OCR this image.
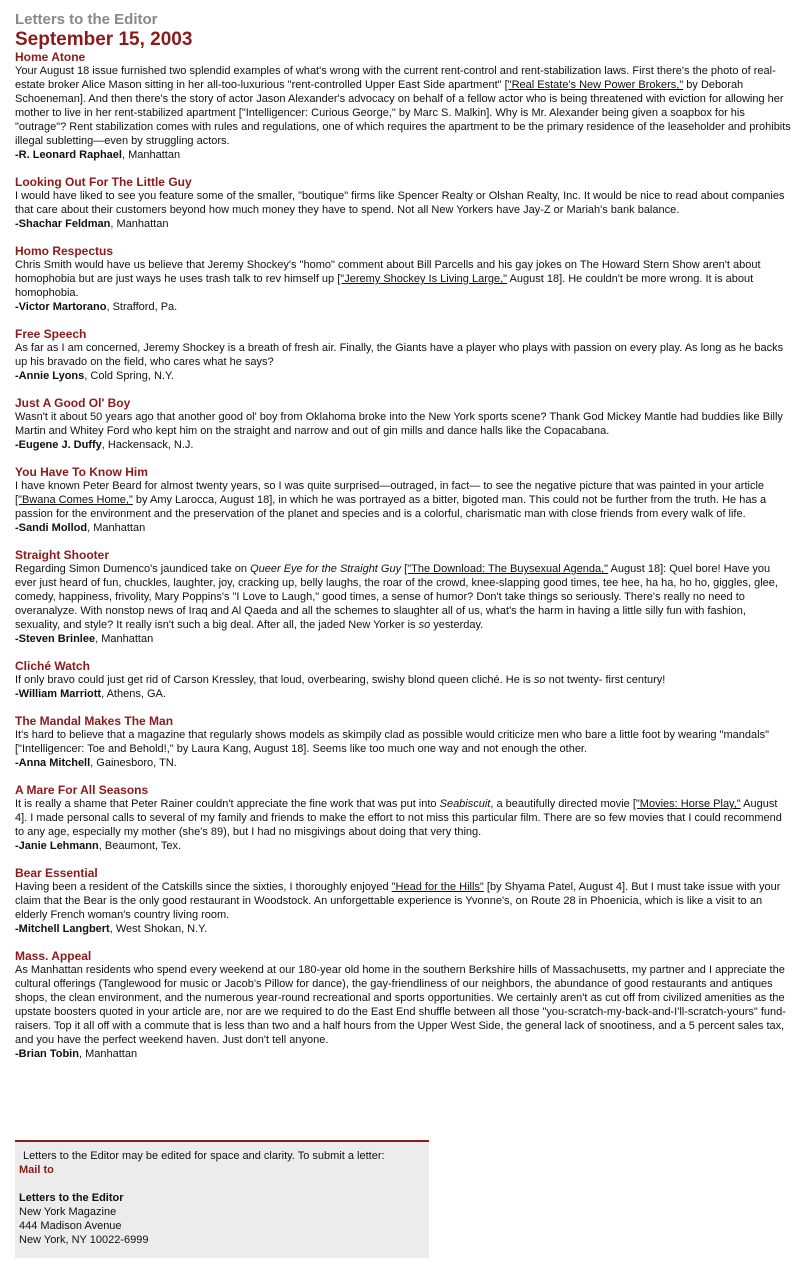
Letters to the Editor
September 15, 2003
Home Atone
Your August 18 issue furnished two splendid examples of what's wrong with the current rent-control and rent-stabilization laws. First there's the photo of real-estate broker Alice Mason sitting in her all-too-luxurious "rent-controlled Upper East Side apartment" ["Real Estate's New Power Brokers," by Deborah Schoeneman]. And then there's the story of actor Jason Alexander's advocacy on behalf of a fellow actor who is being threatened with eviction for allowing her mother to live in her rent-stabilized apartment ["Intelligencer: Curious George," by Marc S. Malkin]. Why is Mr. Alexander being given a soapbox for his "outrage"? Rent stabilization comes with rules and regulations, one of which requires the apartment to be the primary residence of the leaseholder and prohibits illegal subletting—even by struggling actors.
-R. Leonard Raphael, Manhattan
Looking Out For The Little Guy
I would have liked to see you feature some of the smaller, "boutique" firms like Spencer Realty or Olshan Realty, Inc. It would be nice to read about companies that care about their customers beyond how much money they have to spend. Not all New Yorkers have Jay-Z or Mariah's bank balance.
-Shachar Feldman, Manhattan
Homo Respectus
Chris Smith would have us believe that Jeremy Shockey's "homo" comment about Bill Parcells and his gay jokes on The Howard Stern Show aren't about homophobia but are just ways he uses trash talk to rev himself up ["Jeremy Shockey Is Living Large," August 18]. He couldn't be more wrong. It is about homophobia.
-Victor Martorano, Strafford, Pa.
Free Speech
As far as I am concerned, Jeremy Shockey is a breath of fresh air. Finally, the Giants have a player who plays with passion on every play. As long as he backs up his bravado on the field, who cares what he says?
-Annie Lyons, Cold Spring, N.Y.
Just A Good Ol' Boy
Wasn't it about 50 years ago that another good ol' boy from Oklahoma broke into the New York sports scene? Thank God Mickey Mantle had buddies like Billy Martin and Whitey Ford who kept him on the straight and narrow and out of gin mills and dance halls like the Copacabana.
-Eugene J. Duffy, Hackensack, N.J.
You Have To Know Him
I have known Peter Beard for almost twenty years, so I was quite surprised—outraged, in fact— to see the negative picture that was painted in your article ["Bwana Comes Home," by Amy Larocca, August 18], in which he was portrayed as a bitter, bigoted man. This could not be further from the truth. He has a passion for the environment and the preservation of the planet and species and is a colorful, charismatic man with close friends from every walk of life.
-Sandi Mollod, Manhattan
Straight Shooter
Regarding Simon Dumenco's jaundiced take on Queer Eye for the Straight Guy ["The Download: The Buysexual Agenda," August 18]: Quel bore! Have you ever just heard of fun, chuckles, laughter, joy, cracking up, belly laughs, the roar of the crowd, knee-slapping good times, tee hee, ha ha, ho ho, giggles, glee, comedy, happiness, frivolity, Mary Poppins's "I Love to Laugh," good times, a sense of humor? Don't take things so seriously. There's really no need to overanalyze. With nonstop news of Iraq and Al Qaeda and all the schemes to slaughter all of us, what's the harm in having a little silly fun with fashion, sexuality, and style? It really isn't such a big deal. After all, the jaded New Yorker is so yesterday.
-Steven Brinlee, Manhattan
Cliché Watch
If only bravo could just get rid of Carson Kressley, that loud, overbearing, swishy blond queen cliché. He is so not twenty- first century!
-William Marriott, Athens, GA.
The Mandal Makes The Man
It's hard to believe that a magazine that regularly shows models as skimpily clad as possible would criticize men who bare a little foot by wearing "mandals" ["Intelligencer: Toe and Behold!," by Laura Kang, August 18]. Seems like too much one way and not enough the other.
-Anna Mitchell, Gainesboro, TN.
A Mare For All Seasons
It is really a shame that Peter Rainer couldn't appreciate the fine work that was put into Seabiscuit, a beautifully directed movie ["Movies: Horse Play," August 4]. I made personal calls to several of my family and friends to make the effort to not miss this particular film. There are so few movies that I could recommend to any age, especially my mother (she's 89), but I had no misgivings about doing that very thing.
-Janie Lehmann, Beaumont, Tex.
Bear Essential
Having been a resident of the Catskills since the sixties, I thoroughly enjoyed "Head for the Hills" [by Shyama Patel, August 4]. But I must take issue with your claim that the Bear is the only good restaurant in Woodstock. An unforgettable experience is Yvonne's, on Route 28 in Phoenicia, which is like a visit to an elderly French woman's country living room.
-Mitchell Langbert, West Shokan, N.Y.
Mass. Appeal
As Manhattan residents who spend every weekend at our 180-year old home in the southern Berkshire hills of Massachusetts, my partner and I appreciate the cultural offerings (Tanglewood for music or Jacob's Pillow for dance), the gay-friendliness of our neighbors, the abundance of good restaurants and antiques shops, the clean environment, and the numerous year-round recreational and sports opportunities. We certainly aren't as cut off from civilized amenities as the upstate boosters quoted in your article are, nor are we required to do the East End shuffle between all those "you-scratch-my-back-and-I'll-scratch-yours" fund-raisers. Top it all off with a commute that is less than two and a half hours from the Upper West Side, the general lack of snootiness, and a 5 percent sales tax, and you have the perfect weekend haven. Just don't tell anyone.
-Brian Tobin, Manhattan
Letters to the Editor may be edited for space and clarity. To submit a letter:
Mail to
Letters to the Editor
New York Magazine
444 Madison Avenue
New York, NY 10022-6999
